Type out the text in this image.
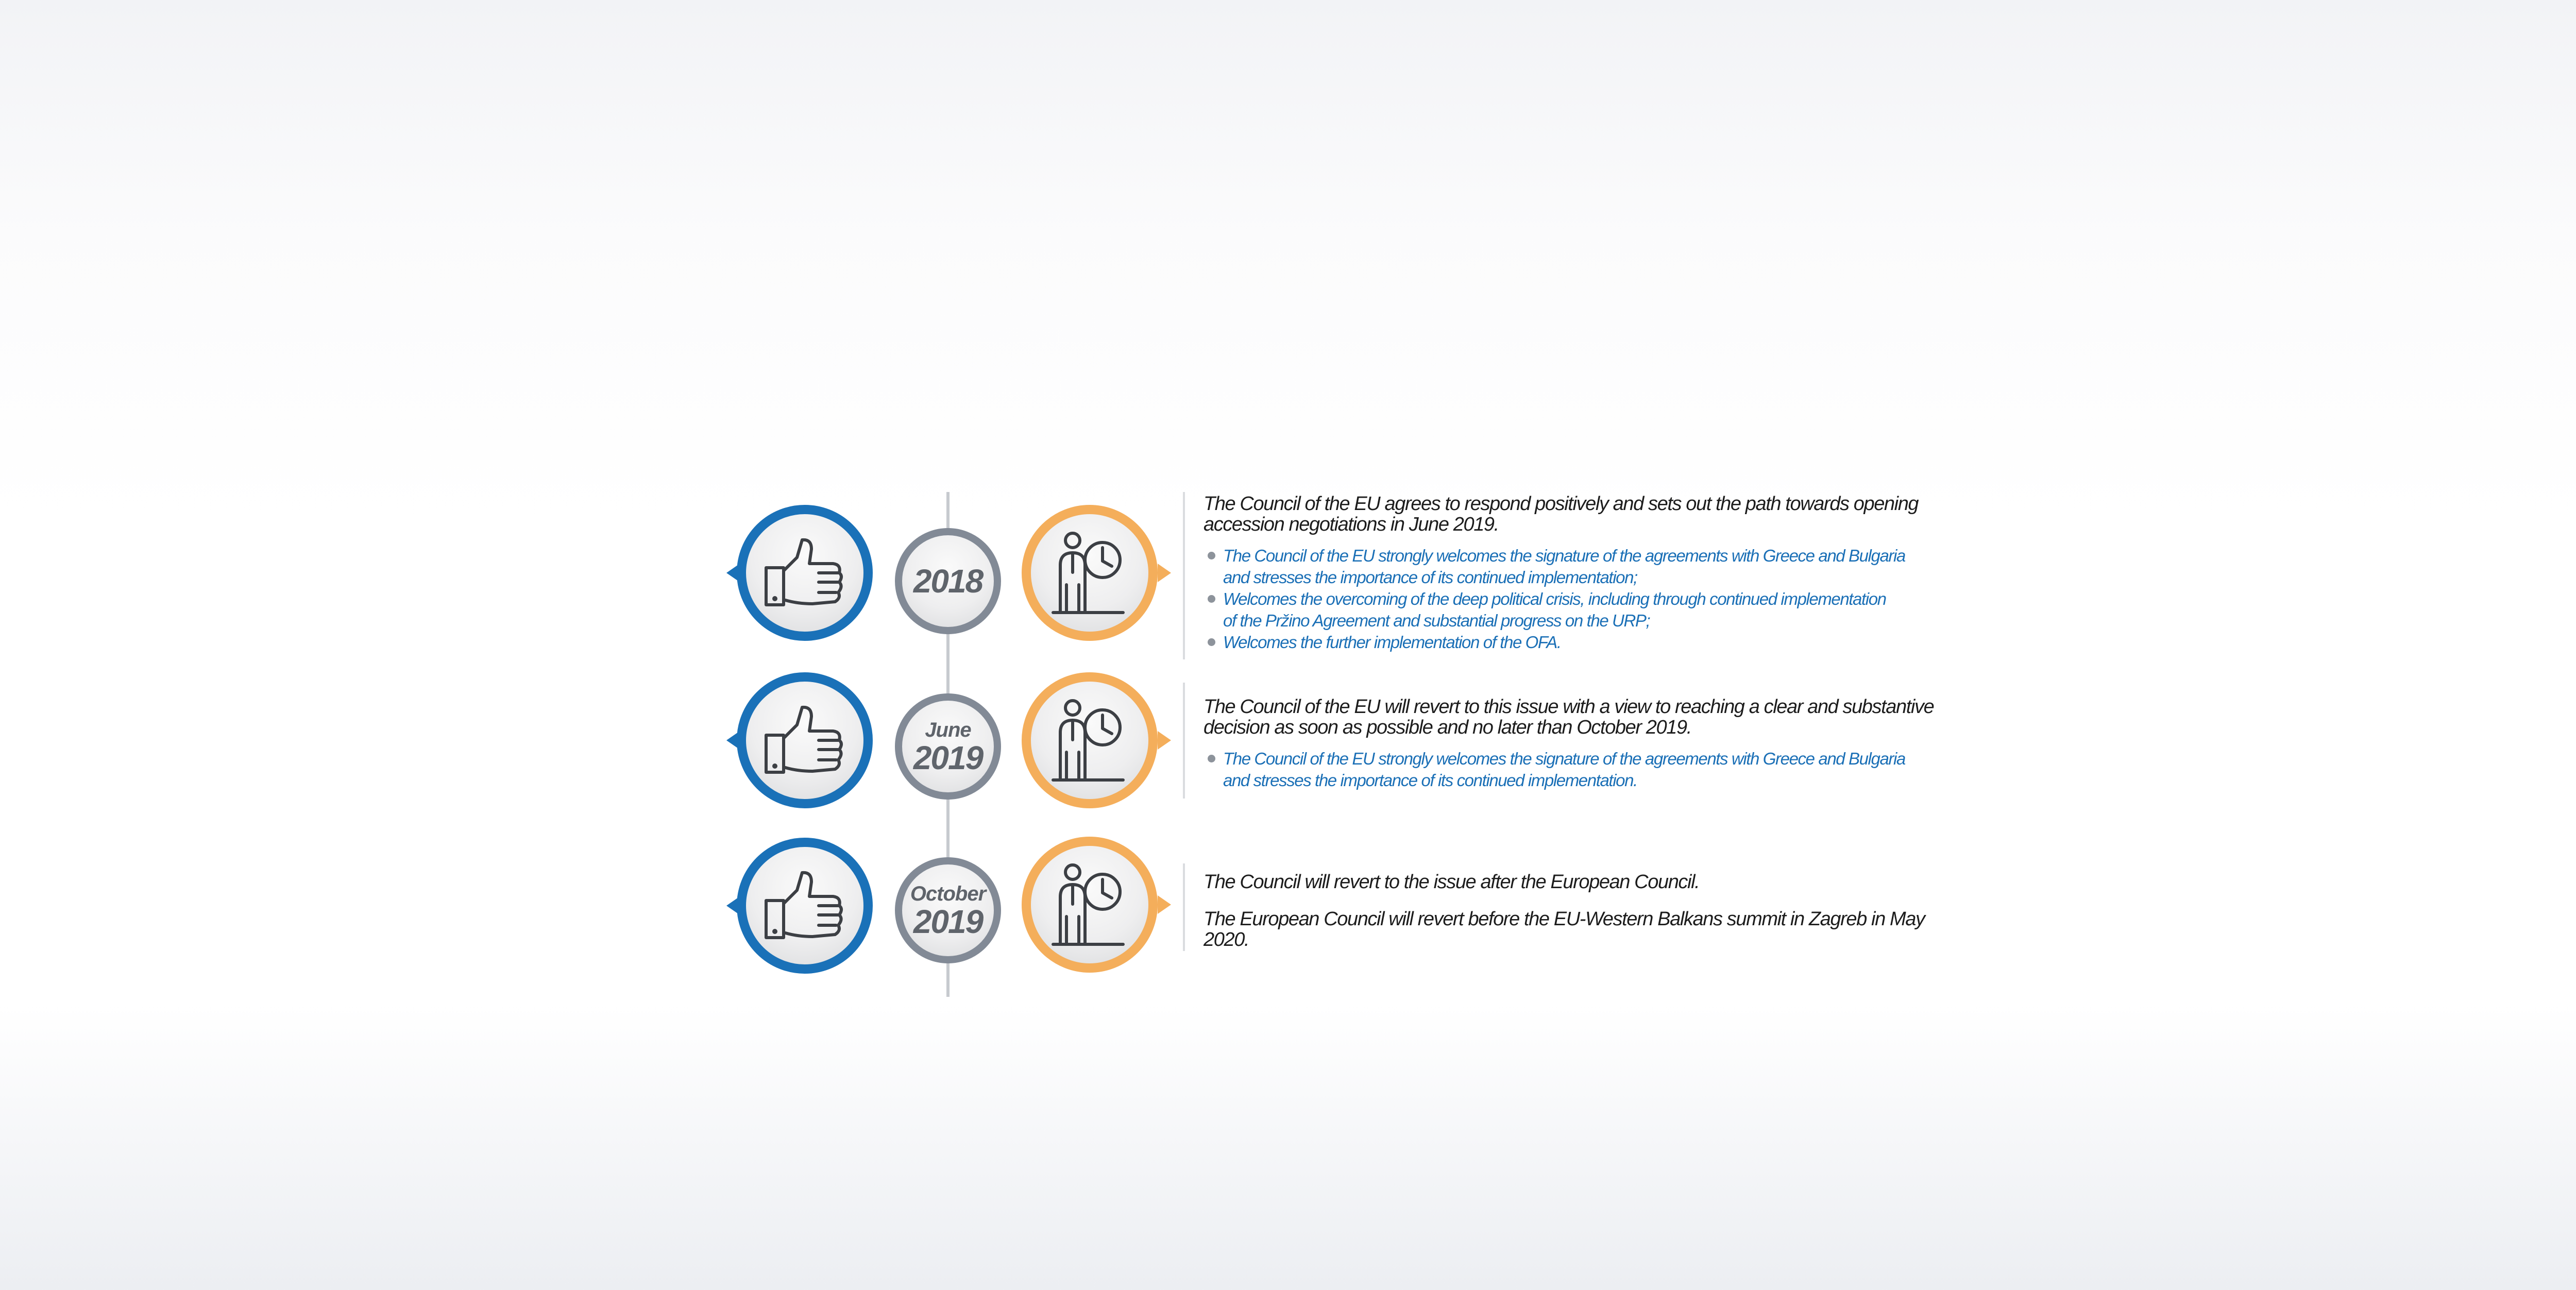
2018

The Council of the EU agrees to respond positively and sets out the path towards opening accession negotiations in June 2019.

The Council of the EU strongly welcomes the signature of the agreements with Greece and Bulgaria
and stresses the importance of its continued implementation;
Welcomes the overcoming of the deep political crisis, including through continued implementation
of the Pržino Agreement and substantial progress on the URP;
Welcomes the further implementation of the OFA.
June
2019

The Council of the EU will revert to this issue with a view to reaching a clear and substantive decision as soon as possible and no later than October 2019.

The Council of the EU strongly welcomes the signature of the agreements with Greece and Bulgaria
and stresses the importance of its continued implementation.
October
2019

The Council will revert to the issue after the European Council.

The European Council will revert before the EU-Western Balkans summit in Zagreb in May 2020.
